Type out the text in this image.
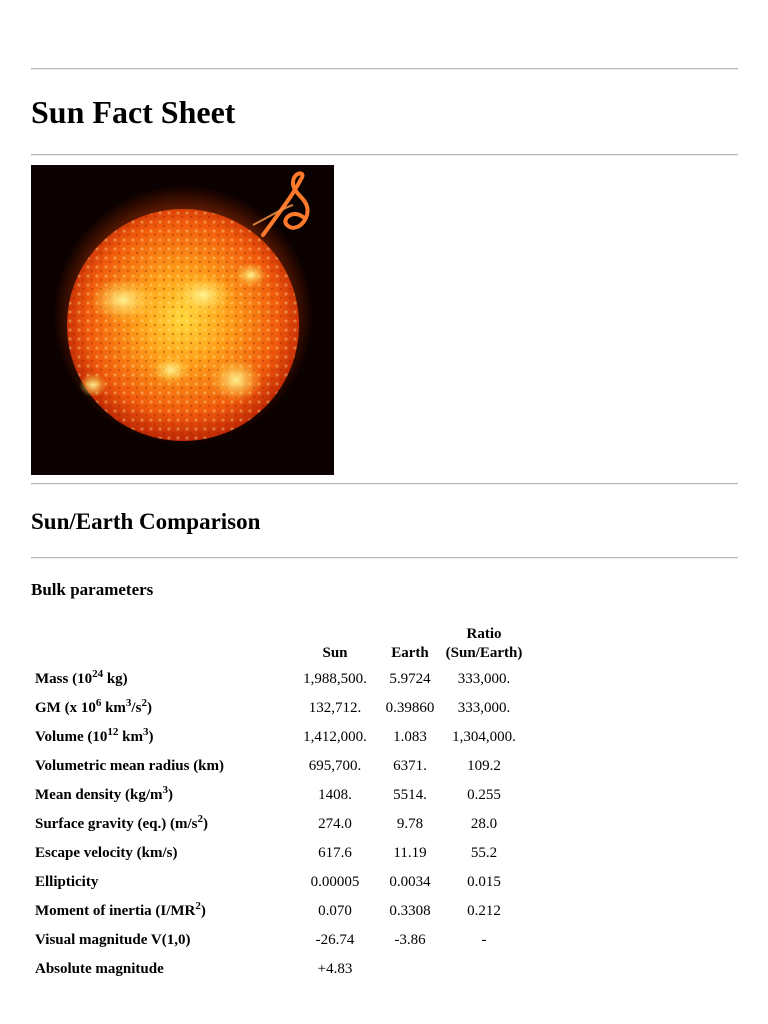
Sun Fact Sheet
Sun/Earth Comparison
Bulk parameters
	Sun	Earth	Ratio
(Sun/Earth)
Mass ($10^{24}$ kg)	1,988,500.	5.9724	333,000.
GM (x $10^6$ $km^3/s^2$)	132,712.	0.39860	333,000.
Volume ($10^{12}$ $km^3$)	1,412,000.	1.083	1,304,000.
Volumetric mean radius (km)	695,700.	6371.	109.2
Mean density $(kg/m^3)$	1408.	5514.	0.255
Surface gravity (eq.) $(m/s^2)$	274.0	9.78	28.0
Escape velocity (km/s)	617.6	11.19	55.2
Ellipticity	0.00005	0.0034	0.015
Moment of inertia $(I/MR^2)$	0.070	0.3308	0.212
Visual magnitude V(1,0)	-26.74	-3.86	-
Absolute magnitude	+4.83		
